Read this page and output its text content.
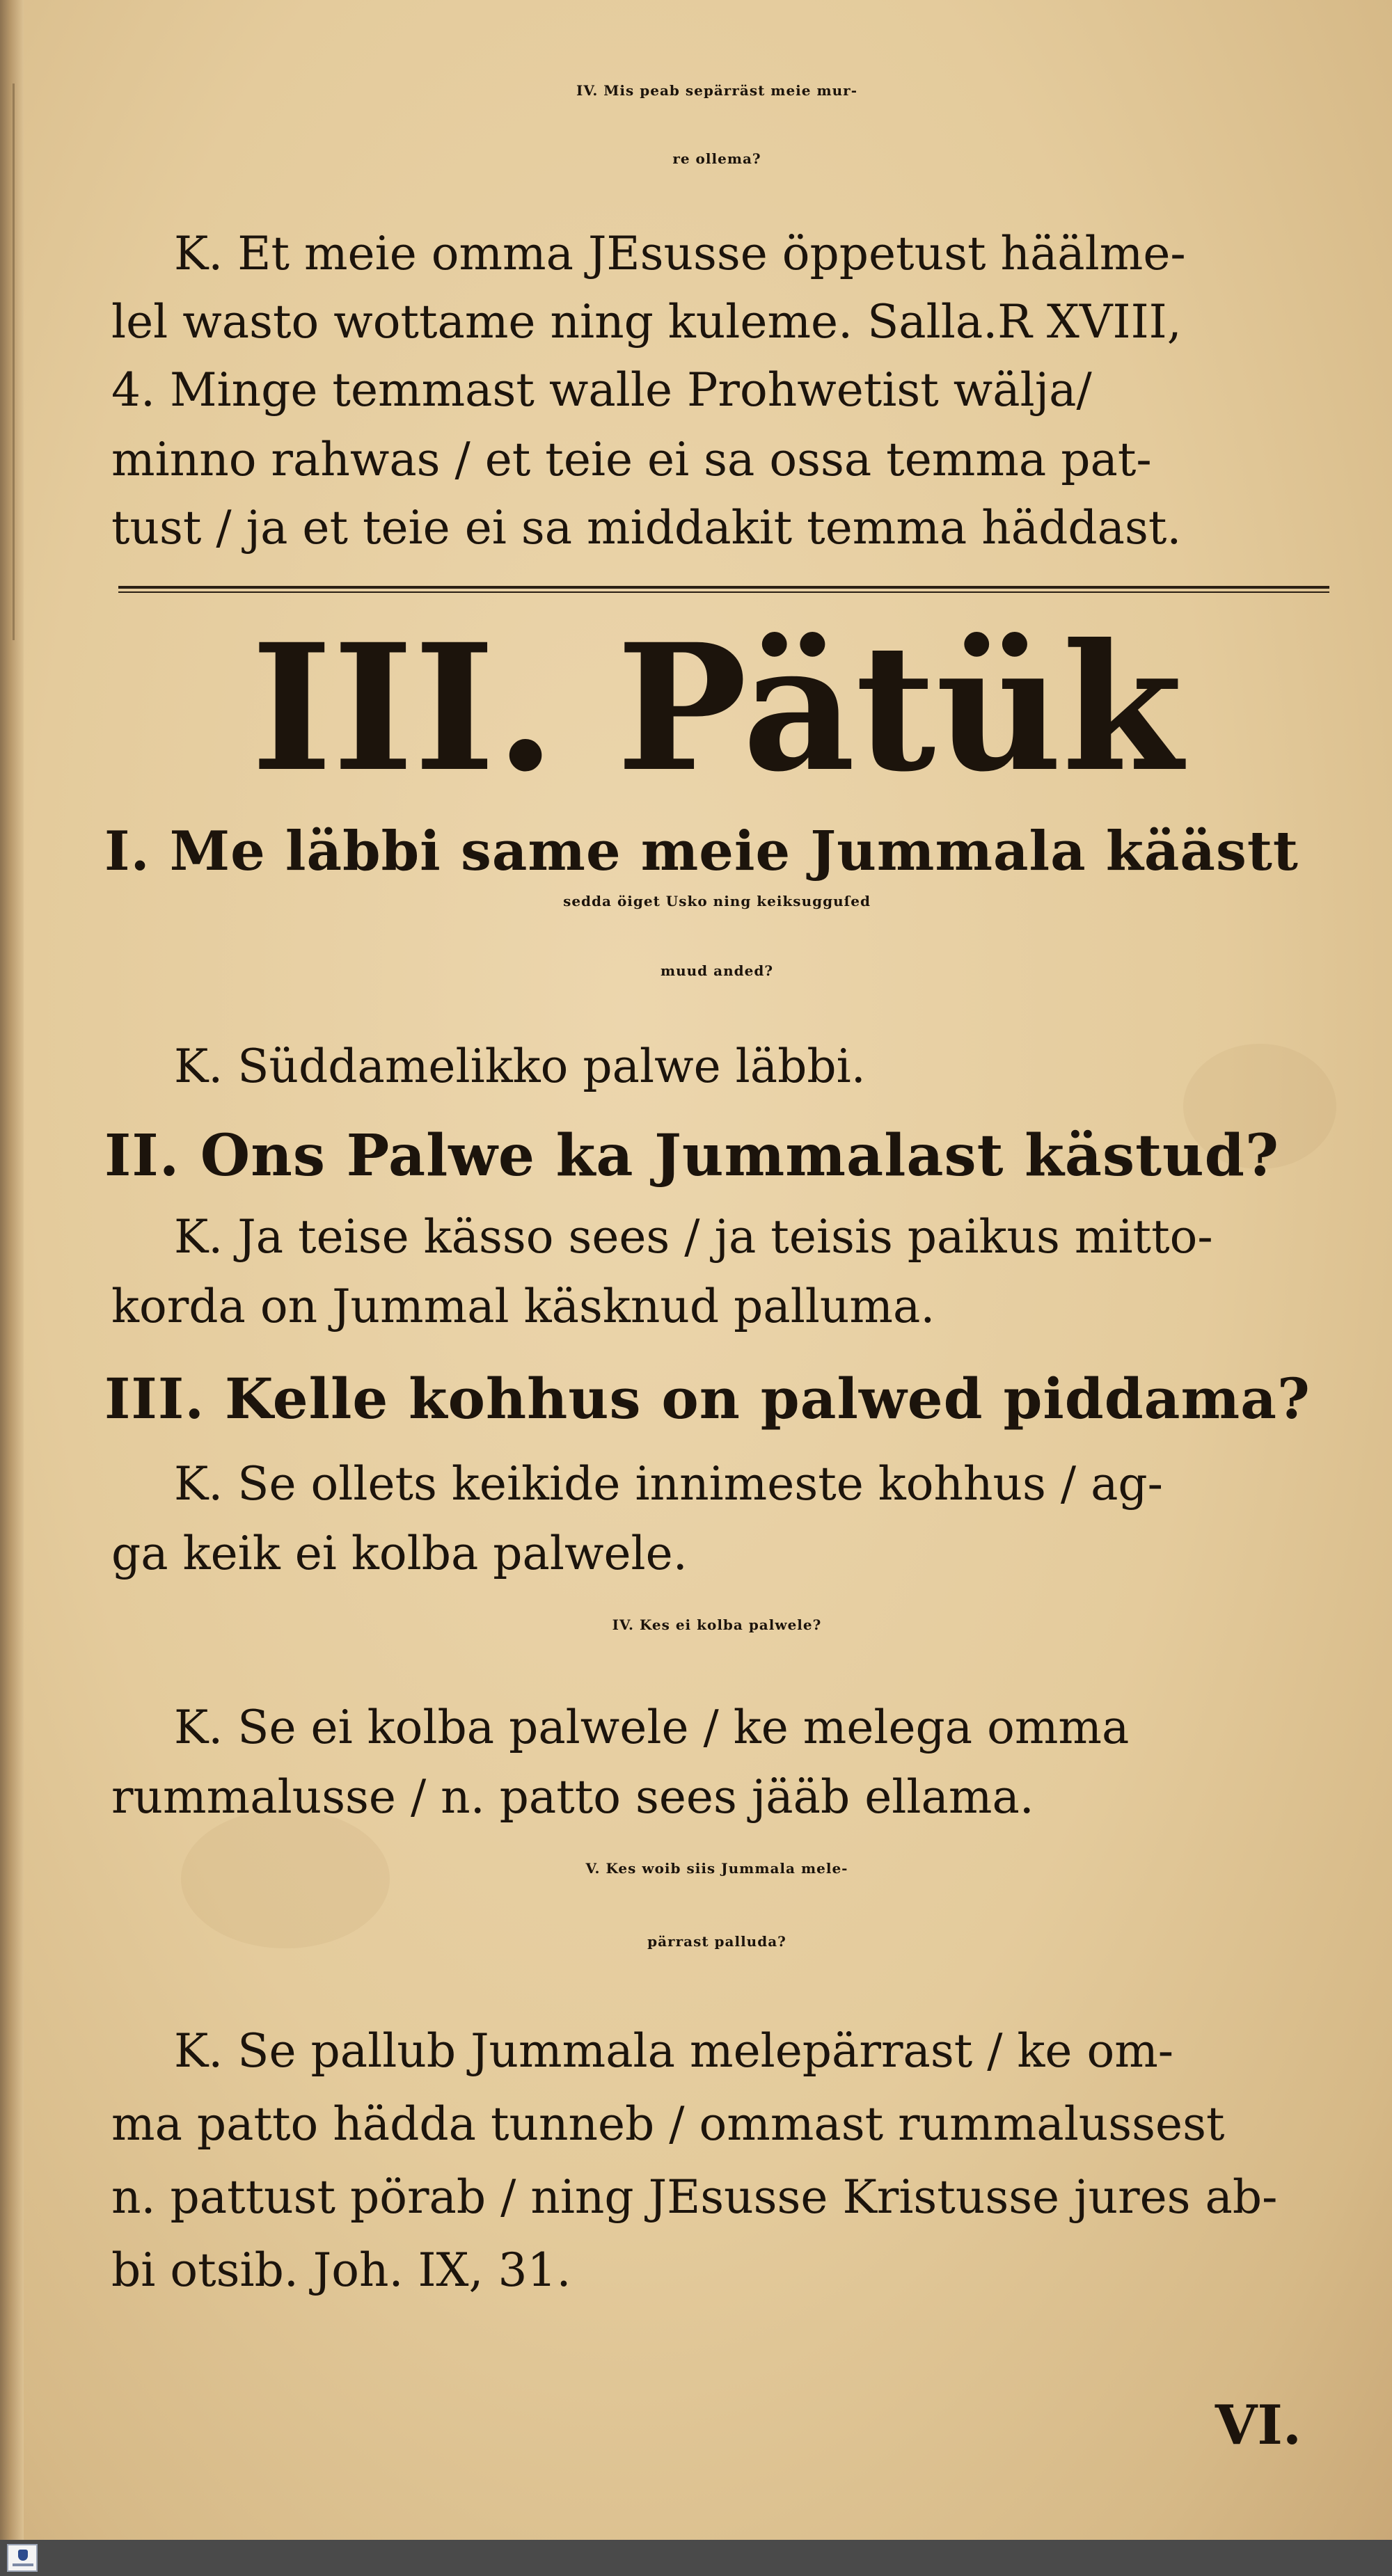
IV. Mis peab sepärräst meie mur-
re ollema?
K. Et meie omma JEsusse öppetust häälme-
lel wasto wottame ning kuleme. Salla.R XVIII,
4. Minge temmast walle Prohwetist wälja/
minno rahwas / et teie ei sa ossa temma pat-
tust / ja et teie ei sa middakit temma häddast.
III. Pätük
I. Me läbbi same meie Jummala käästt
sedda öiget Usko ning keiksugguſed
muud anded?
K. Süddamelikko palwe läbbi.
II. Ons Palwe ka Jummalast kästud?
K. Ja teise kässo sees / ja teisis paikus mitto-
korda on Jummal käsknud palluma.
III. Kelle kohhus on palwed piddama?
K. Se ollets keikide innimeste kohhus / ag-
ga keik ei kolba palwele.
IV. Kes ei kolba palwele?
K. Se ei kolba palwele / ke melega omma
rummalusse / n. patto sees jääb ellama.
V. Kes woib siis Jummala mele-
pärrast palluda?
K. Se pallub Jummala melepärrast / ke om-
ma patto hädda tunneb / ommast rummalussest
n. pattust pörab / ning JEsusse Kristusse jures ab-
bi otsib. Joh. IX, 31.
VI.
